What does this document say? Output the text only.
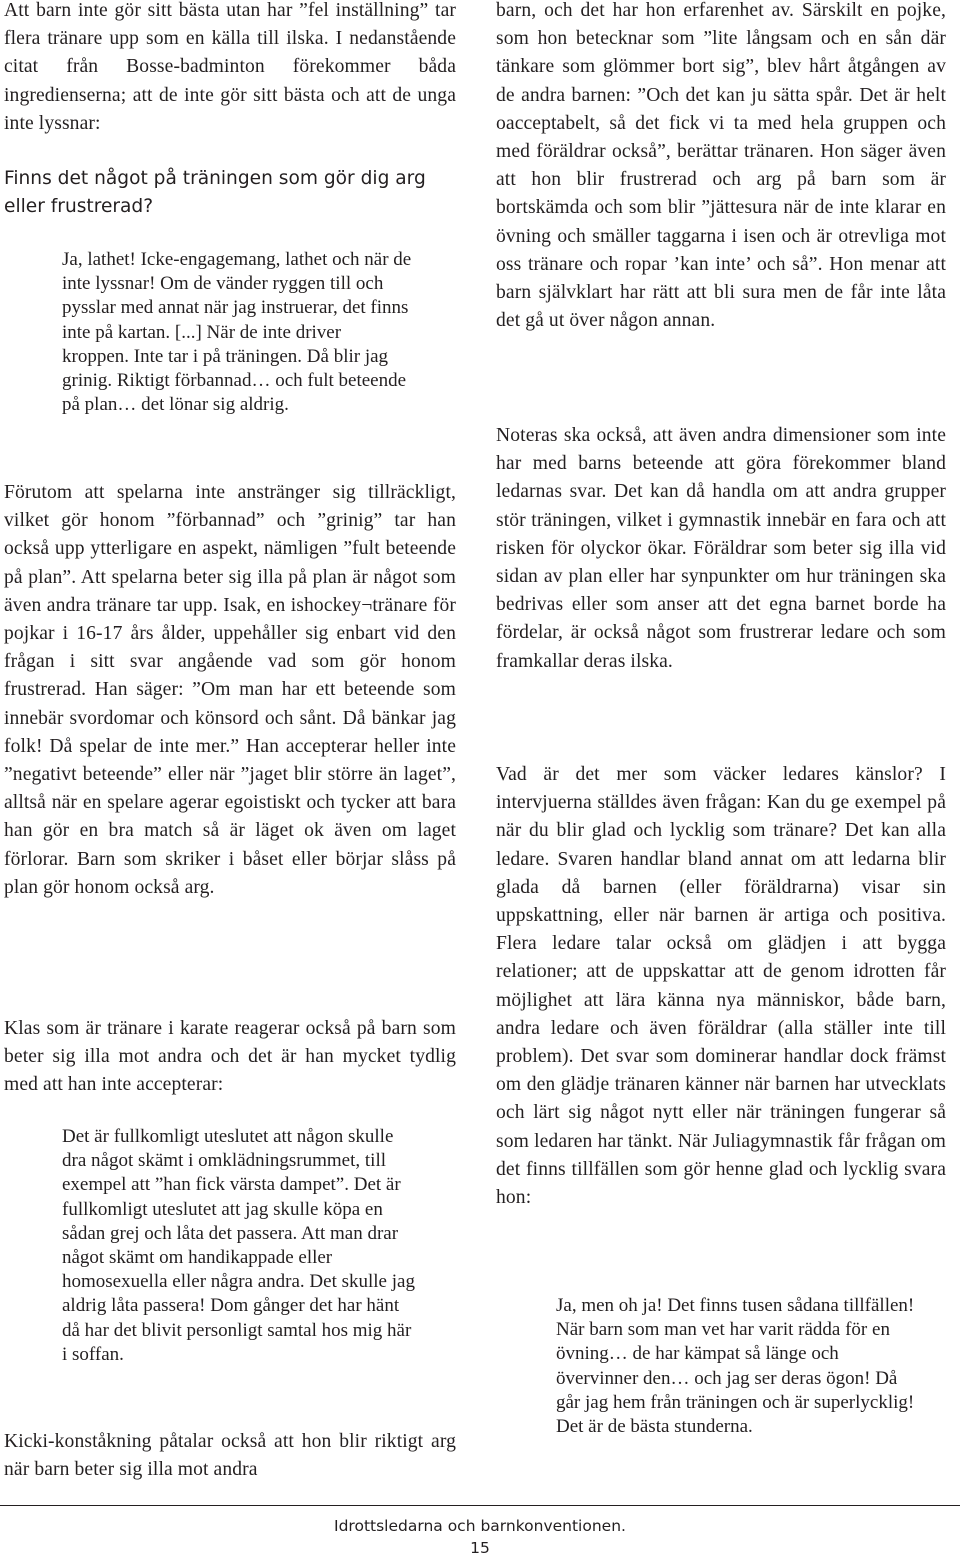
Att barn inte gör sitt bästa utan har ”fel inställning” tar flera tränare upp som en källa till ilska. I nedanstående citat från Bosse-badminton förekommer båda ingredienserna; att de inte gör sitt bästa och att de unga inte lyssnar:

Finns det något på träningen som gör dig arg eller frustrerad?

Ja, lathet! Icke-engagemang, lathet och när de inte lyssnar! Om de vänder ryggen till och pysslar med annat när jag instruerar, det finns inte på kartan. [...] När de inte driver kroppen. Inte tar i på träningen. Då blir jag grinig. Riktigt förbannad… och fult beteende på plan… det lönar sig aldrig.

Förutom att spelarna inte anstränger sig tillräckligt, vilket gör honom ”förbannad” och ”grinig” tar han också upp ytterligare en aspekt, nämligen ”fult beteende på plan”. Att spelarna beter sig illa på plan är något som även andra tränare tar upp. Isak, en ishockey¬tränare för pojkar i 16-17 års ålder, uppehåller sig enbart vid den frågan i sitt svar angående vad som gör honom frustrerad. Han säger: ”Om man har ett beteende som innebär svordomar och könsord och sånt. Då bänkar jag folk! Då spelar de inte mer.” Han accepterar heller inte ”negativt beteende” eller när ”jaget blir större än laget”, alltså när en spelare agerar egoistiskt och tycker att bara han gör en bra match så är läget ok även om laget förlorar. Barn som skriker i båset eller börjar slåss på plan gör honom också arg.

Klas som är tränare i karate reagerar också på barn som beter sig illa mot andra och det är han mycket tydlig med att han inte accepterar:

Det är fullkomligt uteslutet att någon skulle dra något skämt i omklädningsrummet, till exempel att ”han fick värsta dampet”. Det är fullkomligt uteslutet att jag skulle köpa en sådan grej och låta det passera. Att man drar något skämt om handikappade eller homosexuella eller några andra. Det skulle jag aldrig låta passera! Dom gånger det har hänt då har det blivit personligt samtal hos mig här i soffan.

Kicki-konståkning påtalar också att hon blir riktigt arg när barn beter sig illa mot andra

barn, och det har hon erfarenhet av. Särskilt en pojke, som hon betecknar som ”lite långsam och en sån där tänkare som glömmer bort sig”, blev hårt åtgången av de andra barnen: ”Och det kan ju sätta spår. Det är helt oacceptabelt, så det fick vi ta med hela gruppen och med föräldrar också”, berättar tränaren. Hon säger även att hon blir frustrerad och arg på barn som är bortskämda och som blir ”jättesura när de inte klarar en övning och smäller taggarna i isen och är otrevliga mot oss tränare och ropar ’kan inte’ och så”. Hon menar att barn självklart har rätt att bli sura men de får inte låta det gå ut över någon annan.

Noteras ska också, att även andra dimensioner som inte har med barns beteende att göra förekommer bland ledarnas svar. Det kan då handla om att andra grupper stör träningen, vilket i gymnastik innebär en fara och att risken för olyckor ökar. Föräldrar som beter sig illa vid sidan av plan eller har synpunkter om hur träningen ska bedrivas eller som anser att det egna barnet borde ha fördelar, är också något som frustrerar ledare och som framkallar deras ilska.

Vad är det mer som väcker ledares känslor? I intervjuerna ställdes även frågan: Kan du ge exempel på när du blir glad och lycklig som tränare? Det kan alla ledare. Svaren handlar bland annat om att ledarna blir glada då barnen (eller föräldrarna) visar sin uppskattning, eller när barnen är artiga och positiva. Flera ledare talar också om glädjen i att bygga relationer; att de uppskattar att de genom idrotten får möjlighet att lära känna nya människor, både barn, andra ledare och även föräldrar (alla ställer inte till problem). Det svar som dominerar handlar dock främst om den glädje tränaren känner när barnen har utvecklats och lärt sig något nytt eller när träningen fungerar så som ledaren har tänkt. När Juliagymnastik får frågan om det finns tillfällen som gör henne glad och lycklig svara hon:

Ja, men oh ja! Det finns tusen sådana tillfällen! När barn som man vet har varit rädda för en övning… de har kämpat så länge och övervinner den… och jag ser deras ögon! Då går jag hem från träningen och är superlycklig! Det är de bästa stunderna.

Idrottsledarna och barnkonventionen.
15
